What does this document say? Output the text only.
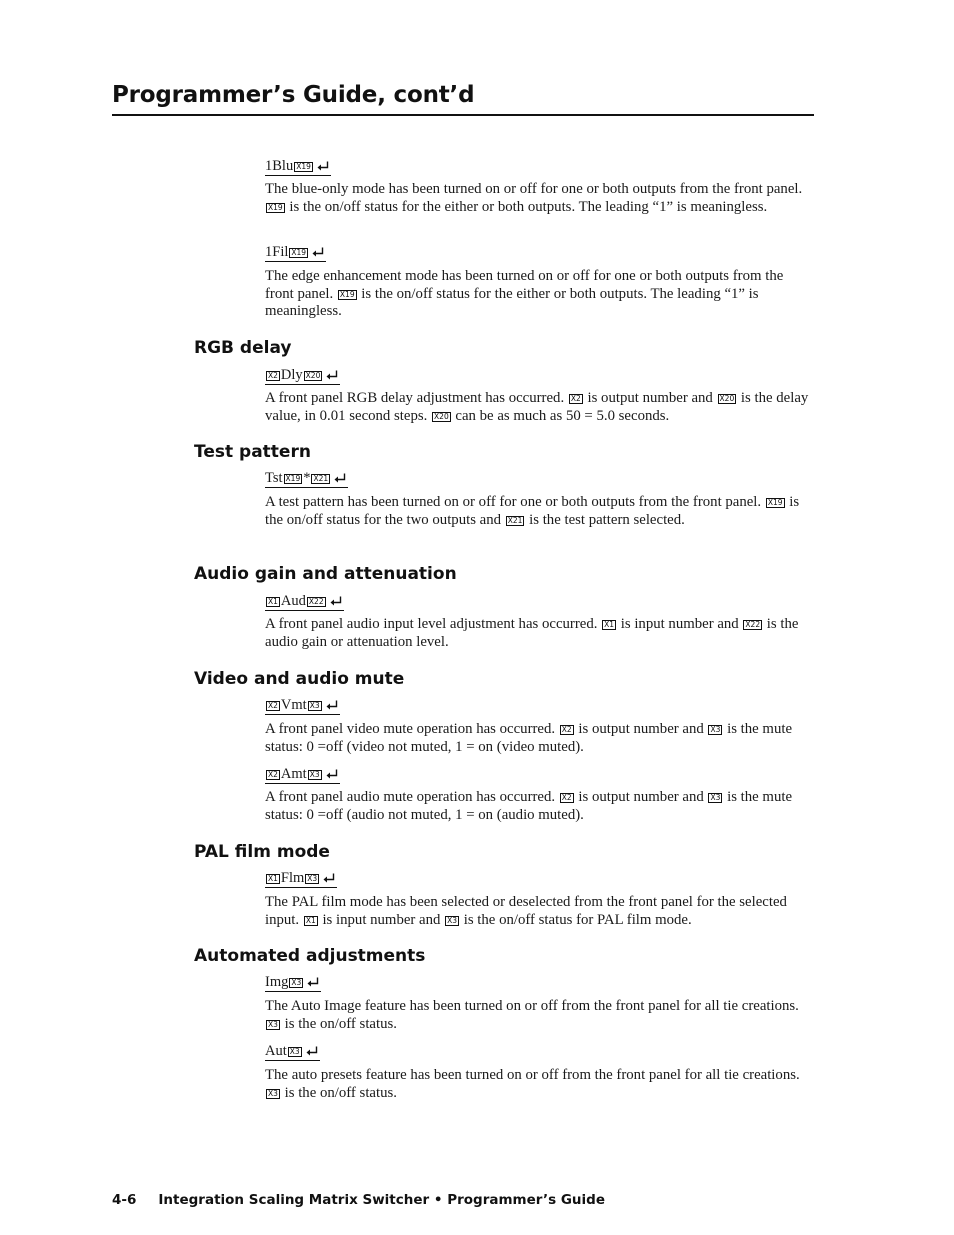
Programmer’s Guide, cont’d
1Blu X19
The blue-only mode has been turned on or off for one or both outputs from the front panel. X19 is the on/off status for the either or both outputs. The leading “1” is meaningless.
1Fil X19
The edge enhancement mode has been turned on or off for one or both outputs from the front panel. X19 is the on/off status for the either or both outputs. The leading “1” is meaningless.
RGB delay
X2 Dly X20
A front panel RGB delay adjustment has occurred. X2 is output number and X20 is the delay value, in 0.01 second steps. X20 can be as much as 50 = 5.0 seconds.
Test pattern
Tst X19 * X21
A test pattern has been turned on or off for one or both outputs from the front panel. X19 is the on/off status for the two outputs and X21 is the test pattern selected.
Audio gain and attenuation
X1 Aud X22
A front panel audio input level adjustment has occurred. X1 is input number and X22 is the audio gain or attenuation level.
Video and audio mute
X2 Vmt X3
A front panel video mute operation has occurred. X2 is output number and X3 is the mute status: 0 =off (video not muted, 1 = on (video muted).
X2 Amt X3
A front panel audio mute operation has occurred. X2 is output number and X3 is the mute status: 0 =off (audio not muted, 1 = on (audio muted).
PAL film mode
X1 Flm X3
The PAL film mode has been selected or deselected from the front panel for the selected input. X1 is input number and X3 is the on/off status for PAL film mode.
Automated adjustments
Img X3
The Auto Image feature has been turned on or off from the front panel for all tie creations. X3 is the on/off status.
Aut X3
The auto presets feature has been turned on or off from the front panel for all tie creations. X3 is the on/off status.
4-6 Integration Scaling Matrix Switcher • Programmer’s Guide
